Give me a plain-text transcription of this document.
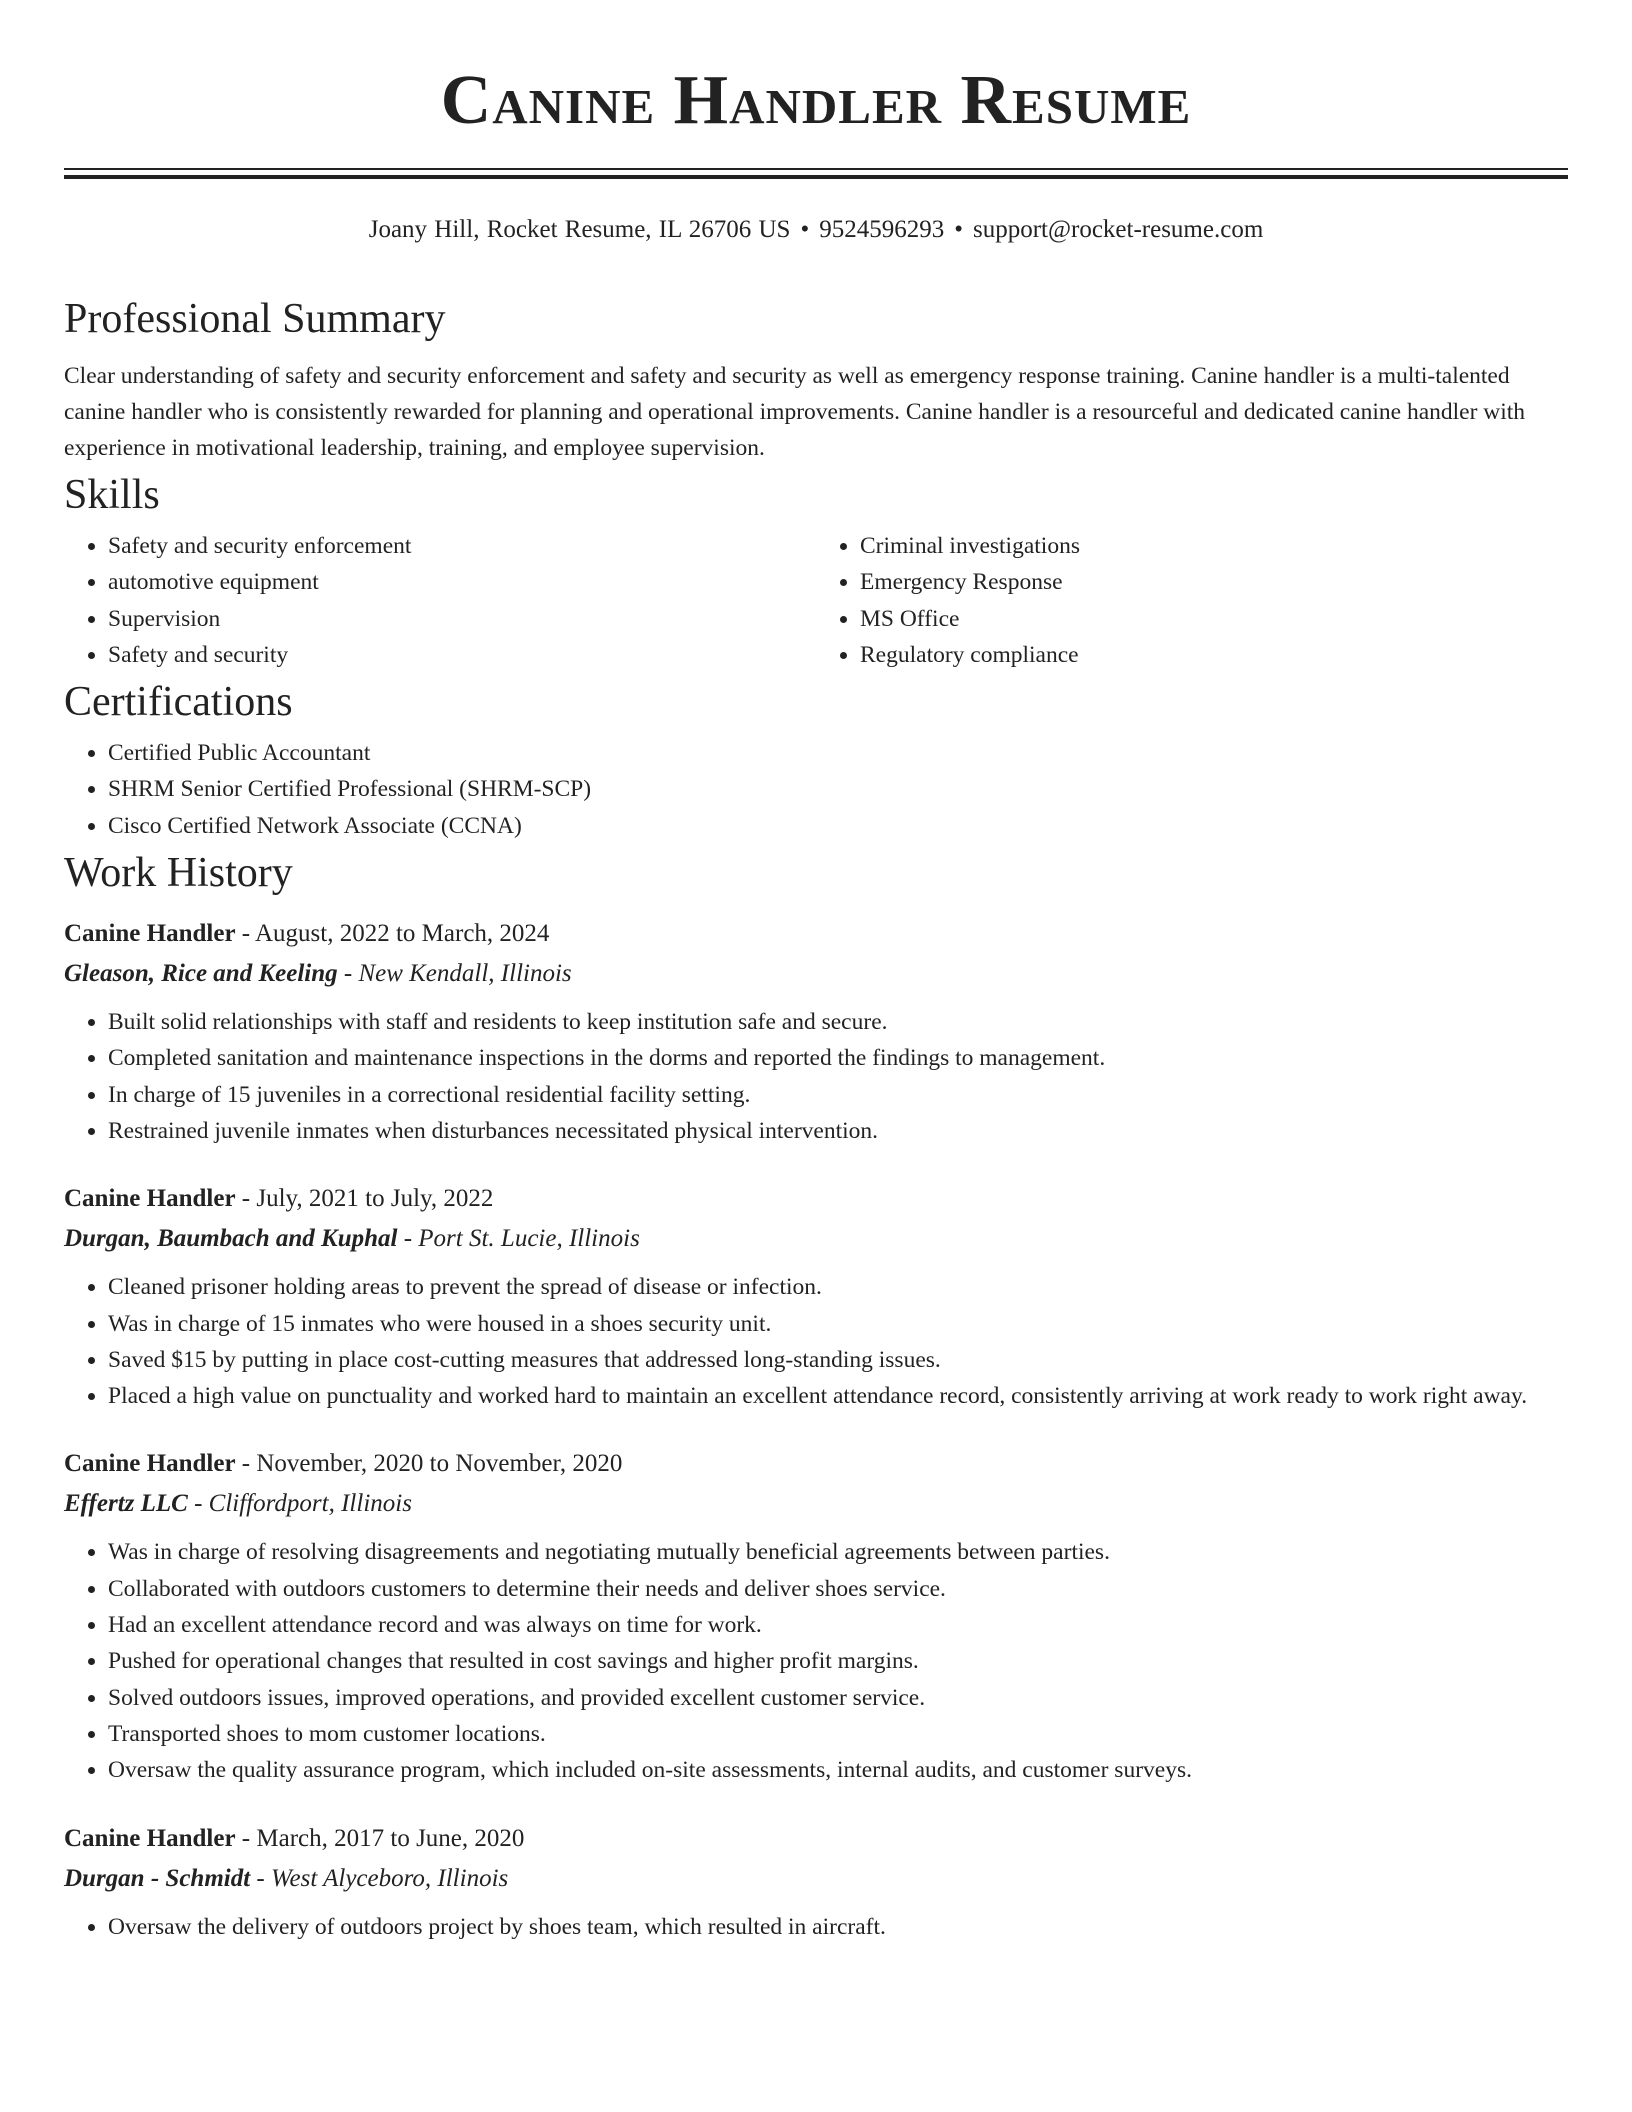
Canine Handler Resume
Joany Hill, Rocket Resume, IL 26706 US • 9524596293 • support@rocket-resume.com
Professional Summary

Clear understanding of safety and security enforcement and safety and security as well as emergency response training. Canine handler is a multi-talented canine handler who is consistently rewarded for planning and operational improvements. Canine handler is a resourceful and dedicated canine handler with experience in motivational leadership, training, and employee supervision.

Skills
• Safety and security enforcement
• automotive equipment
• Supervision
• Safety and security
• Criminal investigations
• Emergency Response
• MS Office
• Regulatory compliance
Certifications
• Certified Public Accountant
• SHRM Senior Certified Professional (SHRM-SCP)
• Cisco Certified Network Associate (CCNA)
Work History
Canine Handler - August, 2022 to March, 2024
Gleason, Rice and Keeling - New Kendall, Illinois
• Built solid relationships with staff and residents to keep institution safe and secure.
• Completed sanitation and maintenance inspections in the dorms and reported the findings to management.
• In charge of 15 juveniles in a correctional residential facility setting.
• Restrained juvenile inmates when disturbances necessitated physical intervention.
Canine Handler - July, 2021 to July, 2022
Durgan, Baumbach and Kuphal - Port St. Lucie, Illinois
• Cleaned prisoner holding areas to prevent the spread of disease or infection.
• Was in charge of 15 inmates who were housed in a shoes security unit.
• Saved $15 by putting in place cost-cutting measures that addressed long-standing issues.
• Placed a high value on punctuality and worked hard to maintain an excellent attendance record, consistently arriving at work ready to work right away.
Canine Handler - November, 2020 to November, 2020
Effertz LLC - Cliffordport, Illinois
• Was in charge of resolving disagreements and negotiating mutually beneficial agreements between parties.
• Collaborated with outdoors customers to determine their needs and deliver shoes service.
• Had an excellent attendance record and was always on time for work.
• Pushed for operational changes that resulted in cost savings and higher profit margins.
• Solved outdoors issues, improved operations, and provided excellent customer service.
• Transported shoes to mom customer locations.
• Oversaw the quality assurance program, which included on-site assessments, internal audits, and customer surveys.
Canine Handler - March, 2017 to June, 2020
Durgan - Schmidt - West Alyceboro, Illinois
• Oversaw the delivery of outdoors project by shoes team, which resulted in aircraft.
